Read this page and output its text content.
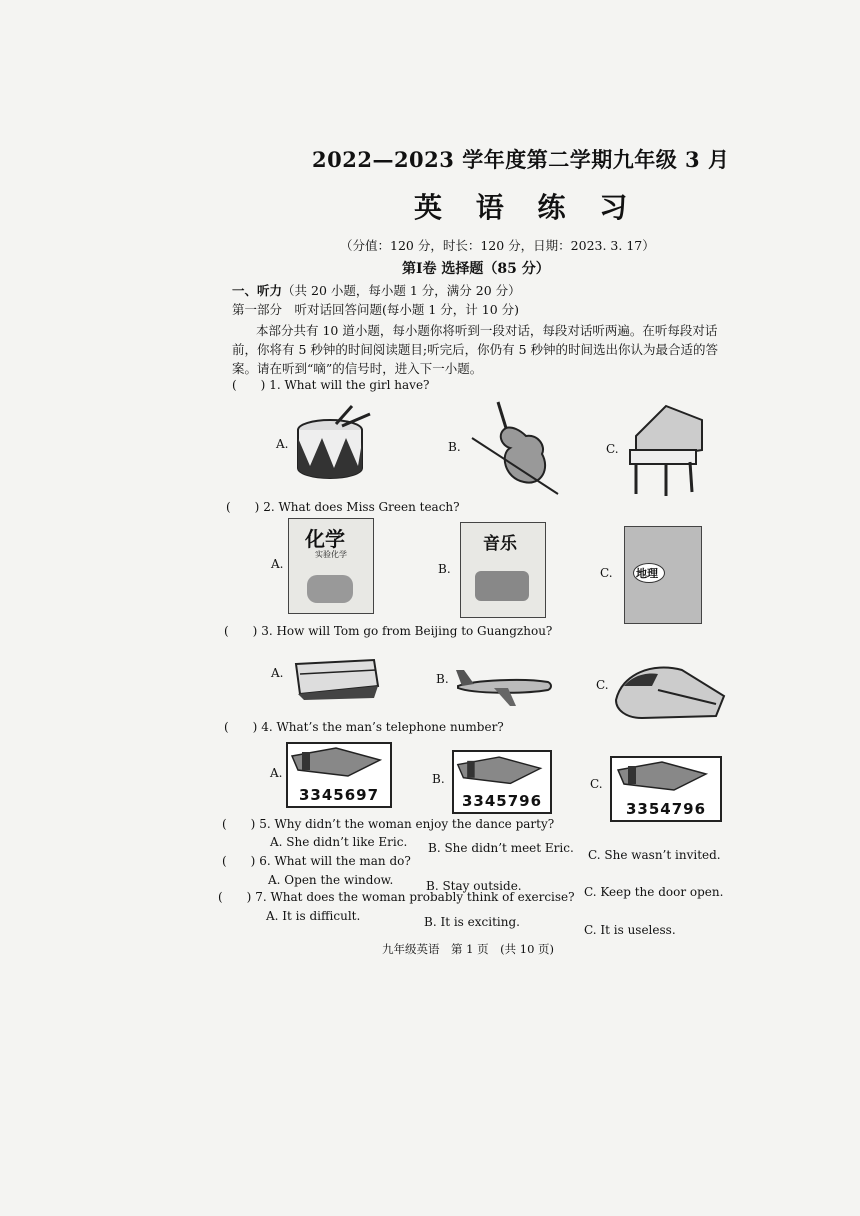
2022—2023 学年度第二学期九年级 3 月
英 语 练 习
（分值：120 分，时长：120 分，日期：2023. 3. 17）
第Ⅰ卷 选择题（85 分）
一、听力（共 20 小题，每小题 1 分，满分 20 分）
第一部分　听对话回答问题(每小题 1 分，计 10 分)
本部分共有 10 道小题，每小题你将听到一段对话，每段对话听两遍。在听每段对话
前，你将有 5 秒钟的时间阅读题目;听完后，你仍有 5 秒钟的时间选出你认为最合适的答
案。请在听到“嘀”的信号时，进入下一小题。
(　　) 1. What will the girl have?
A.	B.	C.
(　　) 2. What does Miss Green teach?
A.	B.	C.
化学
实验化学
音乐
地理
(　　) 3. How will Tom go from Beijing to Guangzhou?
A.	B.	C.
(　　) 4. What’s the man’s telephone number?
A.	B.	C.
3345697	3345796	3354796
(　　) 5. Why didn’t the woman enjoy the dance party?
A. She didn’t like Eric. B. She didn’t meet Eric. C. She wasn’t invited.
(　　) 6. What will the man do?
A. Open the window.	B. Stay outside.	C. Keep the door open.
(　　) 7. What does the woman probably think of exercise?
A. It is difficult.	B. It is exciting.
C. It is useless.
九年级英语　第 1 页　(共 10 页)
